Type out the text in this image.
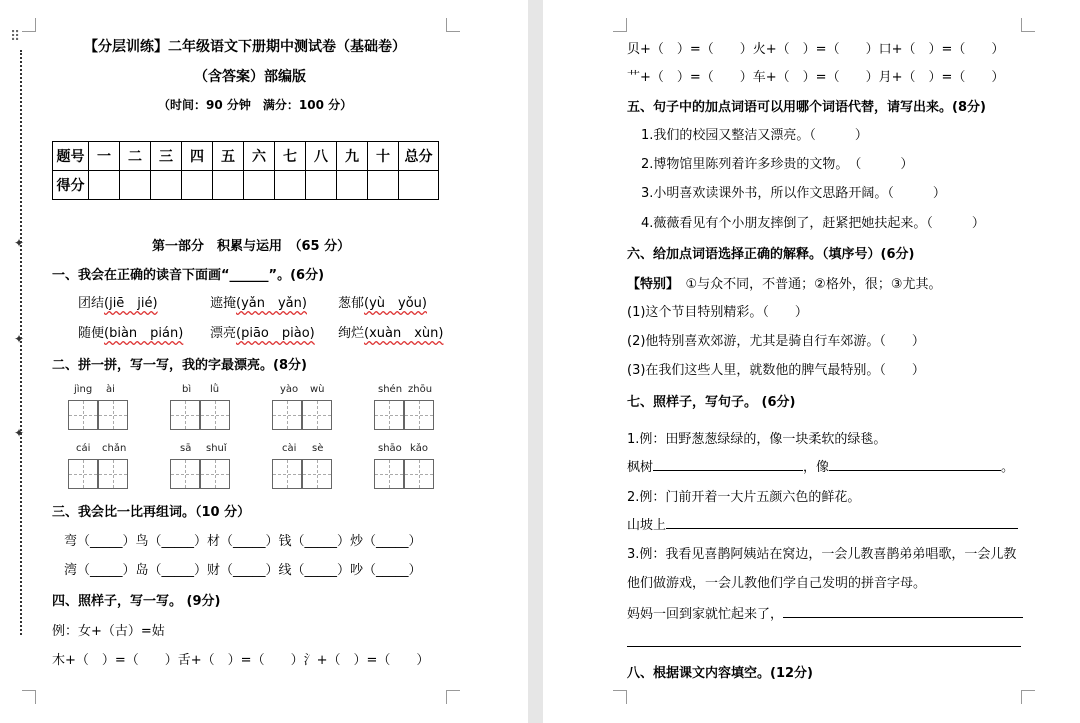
⠿
✦
✦
✦
【分层训练】二年级语文下册期中测试卷（基础卷）
（含答案）部编版
（时间：90 分钟　满分：100 分）
题号	一	二	三	四	五	六	七	八	九	十	总分
得分											
第一部分　积累与运用　（65 分）
一、我会在正确的读音下面画“______”。(6分)
团结(jiē　jié)	遮掩(yǎn　yǎn) 葱郁(yù　yǒu)
随便(biàn　pián) 漂亮(piāo　piào) 绚烂(xuàn　xùn)
二、拼一拼，写一写，我的字最漂亮。(8分)
jìng ài	bì lǜ	yào wù	shén zhōu
cái chǎn	sā shuǐ	cài sè	shāo kǎo
三、我会比一比再组词。（10 分）
弯（_____）鸟（_____）材（_____）钱（_____）炒（_____）
湾（_____）岛（_____）财（_____）线（_____）吵（_____）
四、照样子，写一写。 (9分)
例：女+（古）=姑
木+（　）=（　　）舌+（　）=（　　）氵+（　）=（　　）
贝+（　）=（　　）火+（　）=（　　）口+（　）=（　　）
艹+（　）=（　　）车+（　）=（　　）月+（　）=（　　）
五、句子中的加点词语可以用哪个词语代替，请写出来。(8分)
1.我们的校园又整洁又漂亮。（　　　）
2.博物馆里陈列着许多珍贵的文物。　（　　　）
3.小明喜欢读课外书，所以作文思路开阔。（　　　）
4.薇薇看见有个小朋友摔倒了，赶紧把她扶起来。（　　　）
六、给加点词语选择正确的解释。（填序号）(6分)
【特别】　 ①与众不同，不普通；②格外，很；③尤其。
(1)这个节目特别精彩。（　　）
(2)他特别喜欢郊游，尤其是骑自行车郊游。（　　）
(3)在我们这些人里，就数他的脾气最特别。（　　）
七、照样子，写句子。 (6分)
1.例：田野葱葱绿绿的，像一块柔软的绿毯。
枫树	，像	。
2.例：门前开着一大片五颜六色的鲜花。
山坡上
3.例：我看见喜鹊阿姨站在窝边，一会儿教喜鹊弟弟唱歌，一会儿教
他们做游戏，一会儿教他们学自己发明的拼音字母。
妈妈一回到家就忙起来了，
八、根据课文内容填空。(12分)
